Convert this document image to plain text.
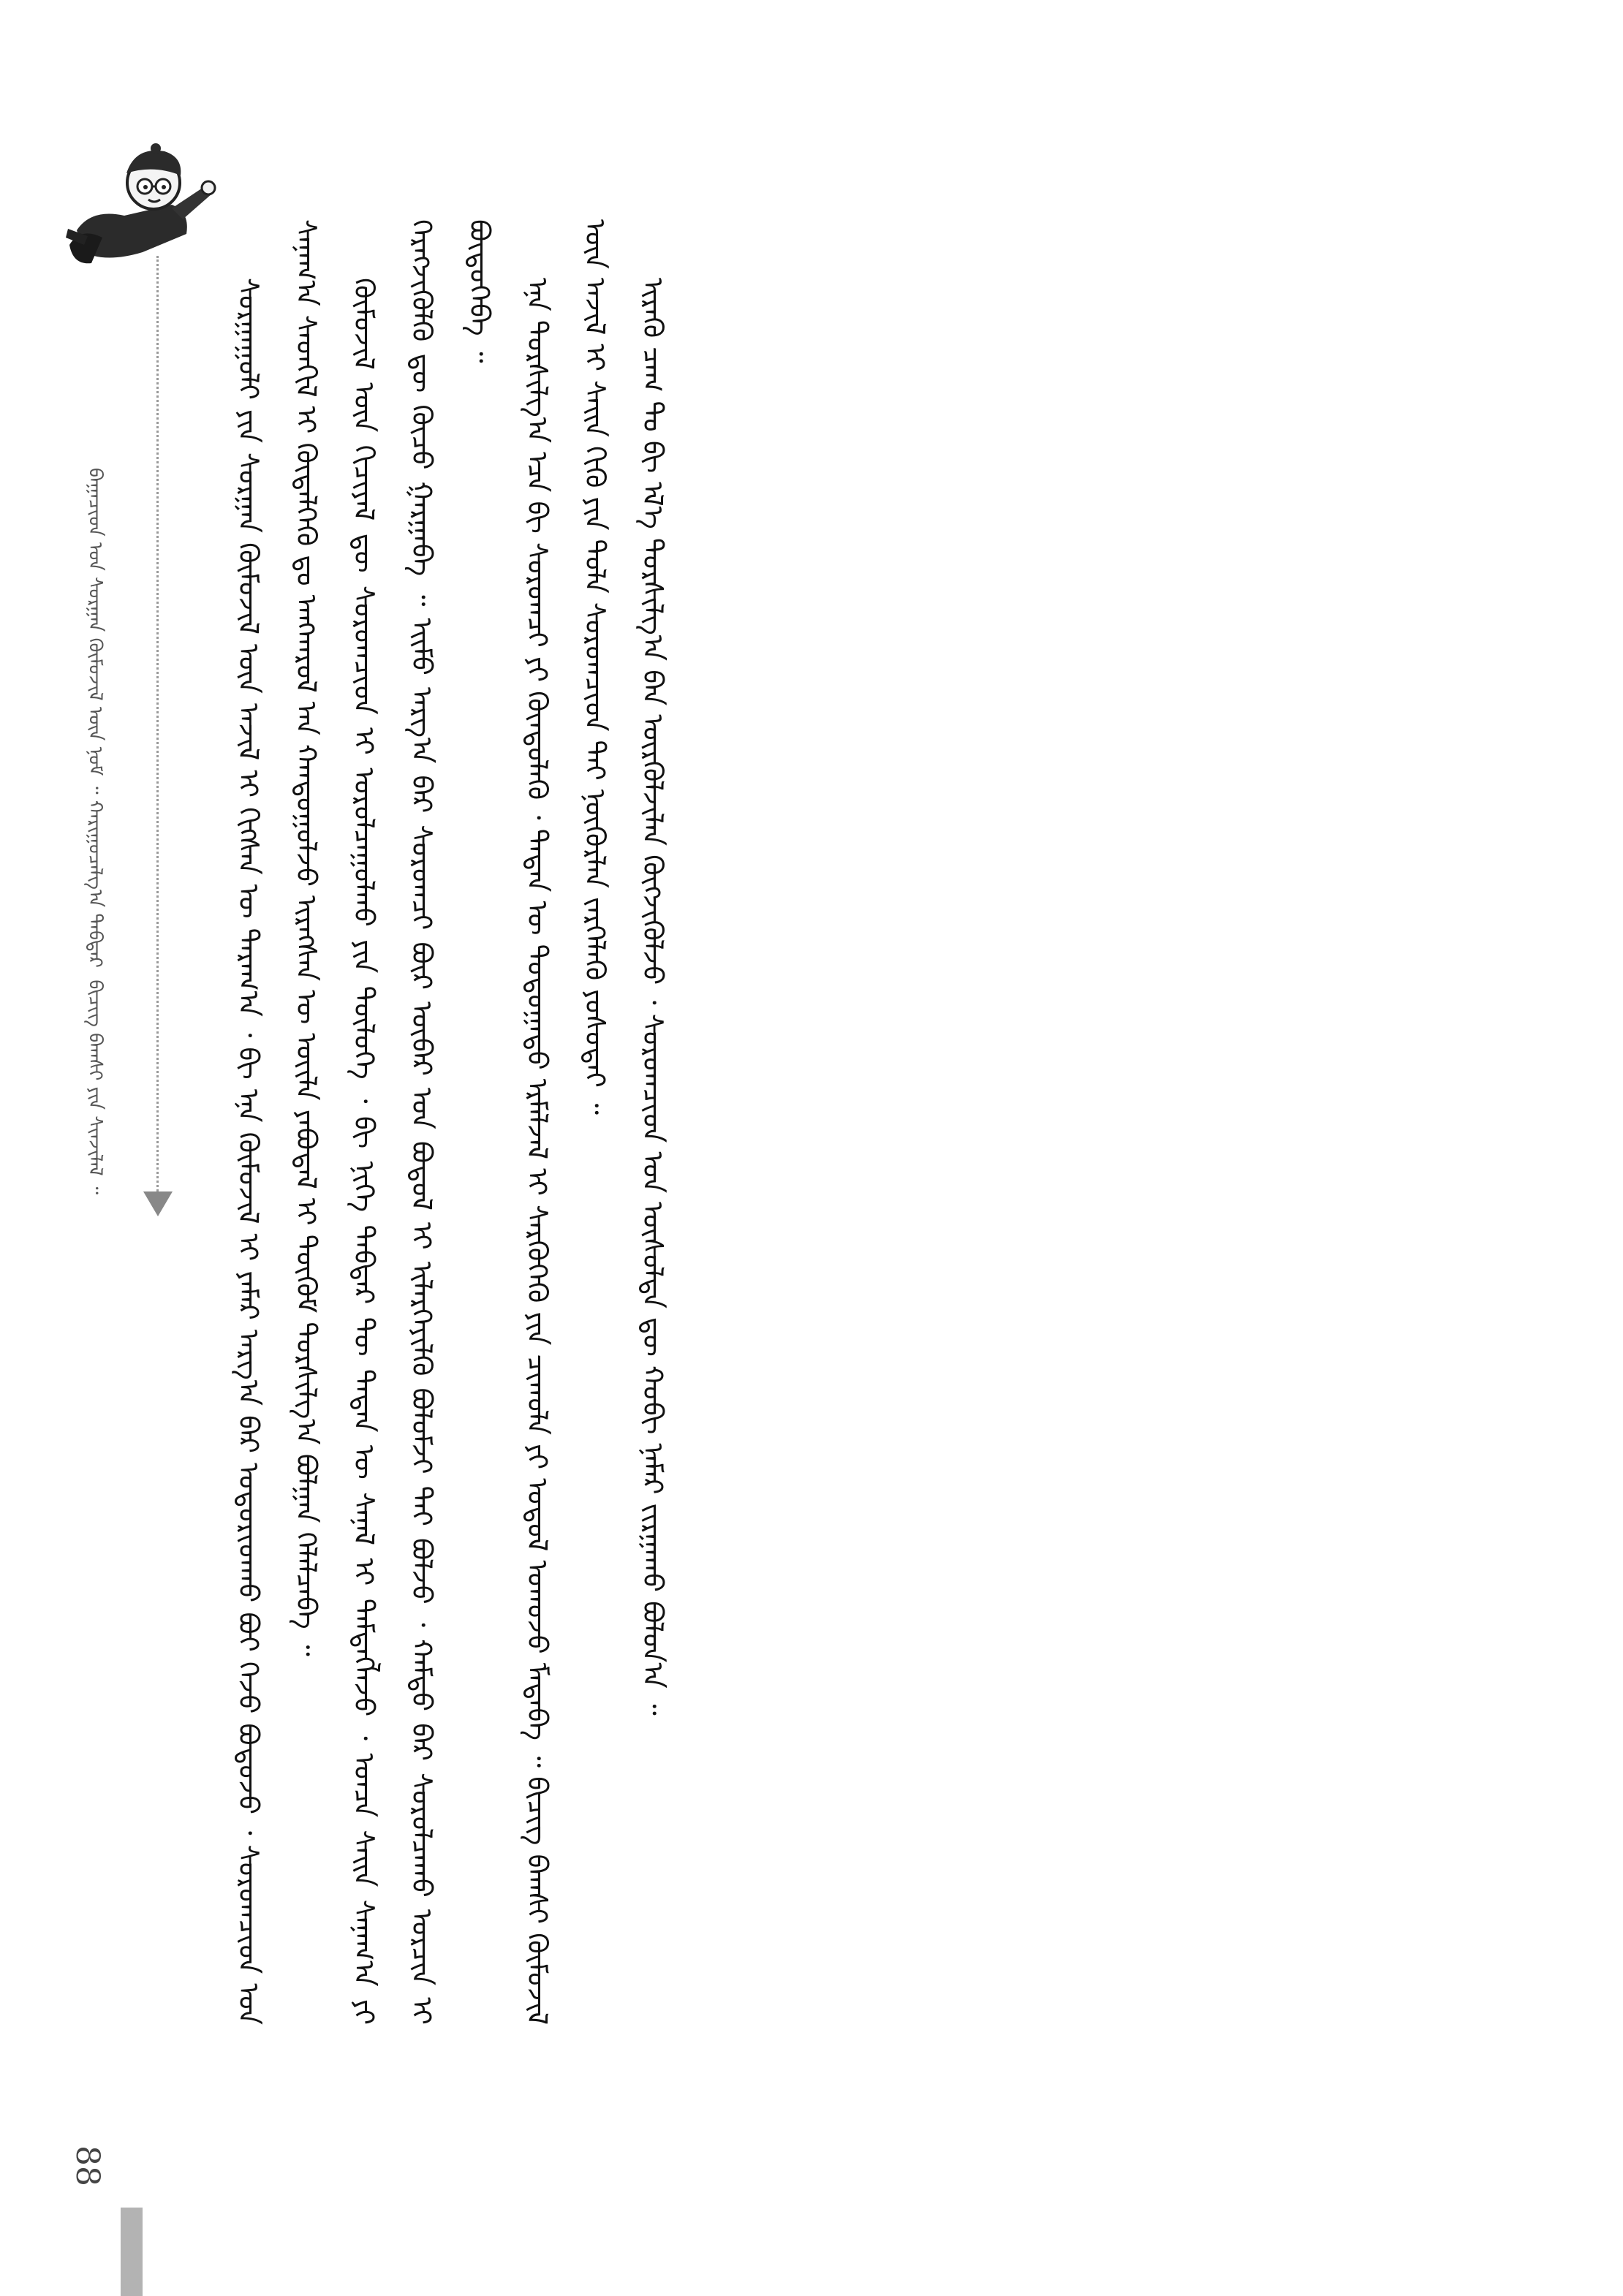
ᠪᠠᠭᠠᠴᠢᠳ ᠤᠨ ᠰᠤᠷᠭᠠᠨ ᠬᠥᠮᠦᠵᠢᠯ ᠦᠨ ᠨᠣᠮ ᠃ ᠬᠠᠷᠢᠭᠤᠴᠠᠯᠭ᠎ᠠ ᠳᠡᠪᠲᠡᠷ ᠍ ᠪᠢᠴᠢᠭ᠌ ᠪᠠᠭᠰᠢ ᠶᠢᠨ ᠰᠢᠨᠵᠢᠯᠡᠯ ᠃	ᠰᠤᠷᠭᠠᠭᠤᠯᠢ ᠶᠢᠨ ᠰᠤᠷᠭᠠᠨ ᠬᠦᠮᠦᠵᠢᠯ ᠦᠨ ᠠᠵᠢᠯ ᠢ ᠬᠢᠭᠰᠡᠨ ᠦ ᠳᠠᠷᠠᠭ᠎ᠠ ᠂ ᠪᠢ ᠡᠨᠡ ᠬᠦᠮᠦᠵᠢᠯ ᠢ ᠶᠠᠮᠠᠷ ᠠᠷᠭ᠎ᠠ ᠪᠠᠷ ᠤᠳᠤᠷᠢᠳᠬᠤ ᠪᠤᠢ ᠭᠡᠵᠦ ᠪᠤᠳᠤᠵᠤ ᠂ ᠰᠤᠷᠤᠭᠴᠢᠳ ᠤᠨ ᠰᠠᠨᠠᠭ᠎ᠠ ᠰᠡᠳᠬᠢᠯ ᠢ ᠬᠦᠳᠡᠯᠭᠡᠬᠦ ᠳᠤ ᠠᠩᠬᠠᠷᠤᠯ ᠠᠨ ᠬᠠᠨᠳᠤᠭᠤᠯᠵᠤ ᠢᠷᠡᠭᠰᠡᠨ ᠦ ᠦᠢᠯᠡ ᠶᠠᠪᠤᠳᠠᠯ ᠢ ᠳᠦᠭᠦᠮ ᠲᠤᠷᠰᠢᠯᠭ᠎ᠠ ᠪᠣᠯᠭᠠᠨ ᠬᠡᠯᠡᠯᠴᠡᠪᠡ ᠃ ᠬᠦᠮᠦᠵᠢᠯ ᠦᠨ ᠬᠢᠴᠢᠶᠡᠯ ᠳᠦ ᠰᠤᠷᠤᠭᠴᠢᠳ ᠢ ᠤᠷᠤᠯᠴᠠᠭᠤᠯᠬᠤ ᠶᠢᠨ ᠲᠥᠯᠦᠭᠡ ᠂ ᠪᠢ ᠨᠢᠭᠡ ᠳᠡᠪᠲᠡᠷ ᠲᠦ ᠲᠡᠳᠡᠨ ᠦ ᠰᠠᠨᠠᠯ ᠢ ᠲᠡᠮᠳᠡᠭᠯᠡᠵᠦ ᠂ ᠣᠨᠴᠠ ᠰᠠᠢᠨ ᠰᠠᠨᠠᠭ᠎ᠠ ᠶᠢ ᠬᠡᠷᠡᠭᠵᠢᠭᠦᠯᠬᠦ ᠳᠦ ᠬᠦᠴᠦ ᠭᠠᠷᠭᠠᠪᠠ ᠃ ᠡᠢᠮᠦ ᠠᠷᠭ᠎ᠠ ᠪᠠᠷ ᠰᠤᠷᠤᠭᠴᠢ ᠪᠦᠷ ᠥᠪᠡᠷ ᠤᠨ ᠪᠣᠳᠣᠯ ᠢ ᠢᠯᠡᠷᠭᠡᠶᠢᠯᠬᠦ ᠪᠣᠯᠤᠮᠵᠢ ᠲᠠᠢ ᠪᠣᠯᠵᠤ ᠂ ᠬᠠᠮᠲᠤ ᠪᠡᠷ ᠰᠤᠷᠤᠯᠴᠠᠬᠤ ᠤᠷᠴᠢᠨ ᠢ ᠪᠦᠲᠦᠭᠡᠪᠡ ᠃ ᠡᠨᠡ ᠲᠤᠷᠰᠢᠯᠭ᠎ᠠ ᠡᠴᠡ ᠪᠢ ᠰᠤᠷᠤᠭᠴᠢ ᠶᠢ ᠬᠦᠨᠳᠦᠯᠡᠬᠦ ᠂ ᠲᠡᠳᠡᠨ ᠦ ᠳᠣᠲᠣᠭᠠᠳᠤ ᠡᠷᠮᠡᠯᠵᠡᠯ ᠢ ᠰᠡᠷᠭᠦᠭᠡᠬᠦ ᠶᠢᠨ ᠴᠢᠬᠤᠯᠠ ᠶᠢ ᠤᠲᠤᠯ ᠤᠬᠤᠵᠤ ᠮᠡᠳᠡᠪᠡ ᠃ ᠪᠢᠴᠢᠭ᠌ ᠪᠠᠭᠰᠢ ᠬᠦᠮᠦᠵᠢᠯ ᠦᠨ ᠠᠵᠢᠯ ᠢ ᠰᠠᠢᠨ ᠬᠢᠬᠦ ᠶᠢᠨ ᠲᠤᠯᠠ ᠰᠤᠷᠤᠭᠴᠢᠳ ᠲᠠᠢ ᠨᠥᠬᠦᠷᠯᠡᠨ ᠵᠡᠷᠭᠡᠯᠡᠬᠦ ᠶᠣᠰᠤᠲᠠᠢ ᠃ ᠢᠷᠡᠬᠦ ᠴᠠᠭ ᠲᠤ ᠪᠢ ᠡᠯ᠎ᠡ ᠲᠤᠷᠰᠢᠯᠭ᠎ᠠ ᠪᠠᠨ ᠦᠷᠭᠦᠯᠵᠢᠯᠡᠨ ᠬᠥᠭᠵᠢᠭᠦᠯᠵᠦ ᠂ ᠰᠤᠷᠤᠭᠴᠢᠳ ᠤᠨ ᠥᠰᠦᠯᠲᠡ ᠳᠦ ᠬᠤᠪᠢ ᠨᠡᠮᠡᠷ ᠵᠢᠷᠭᠠᠬᠤ ᠪᠣᠯᠤᠨ᠎ᠠ ᠃

88
